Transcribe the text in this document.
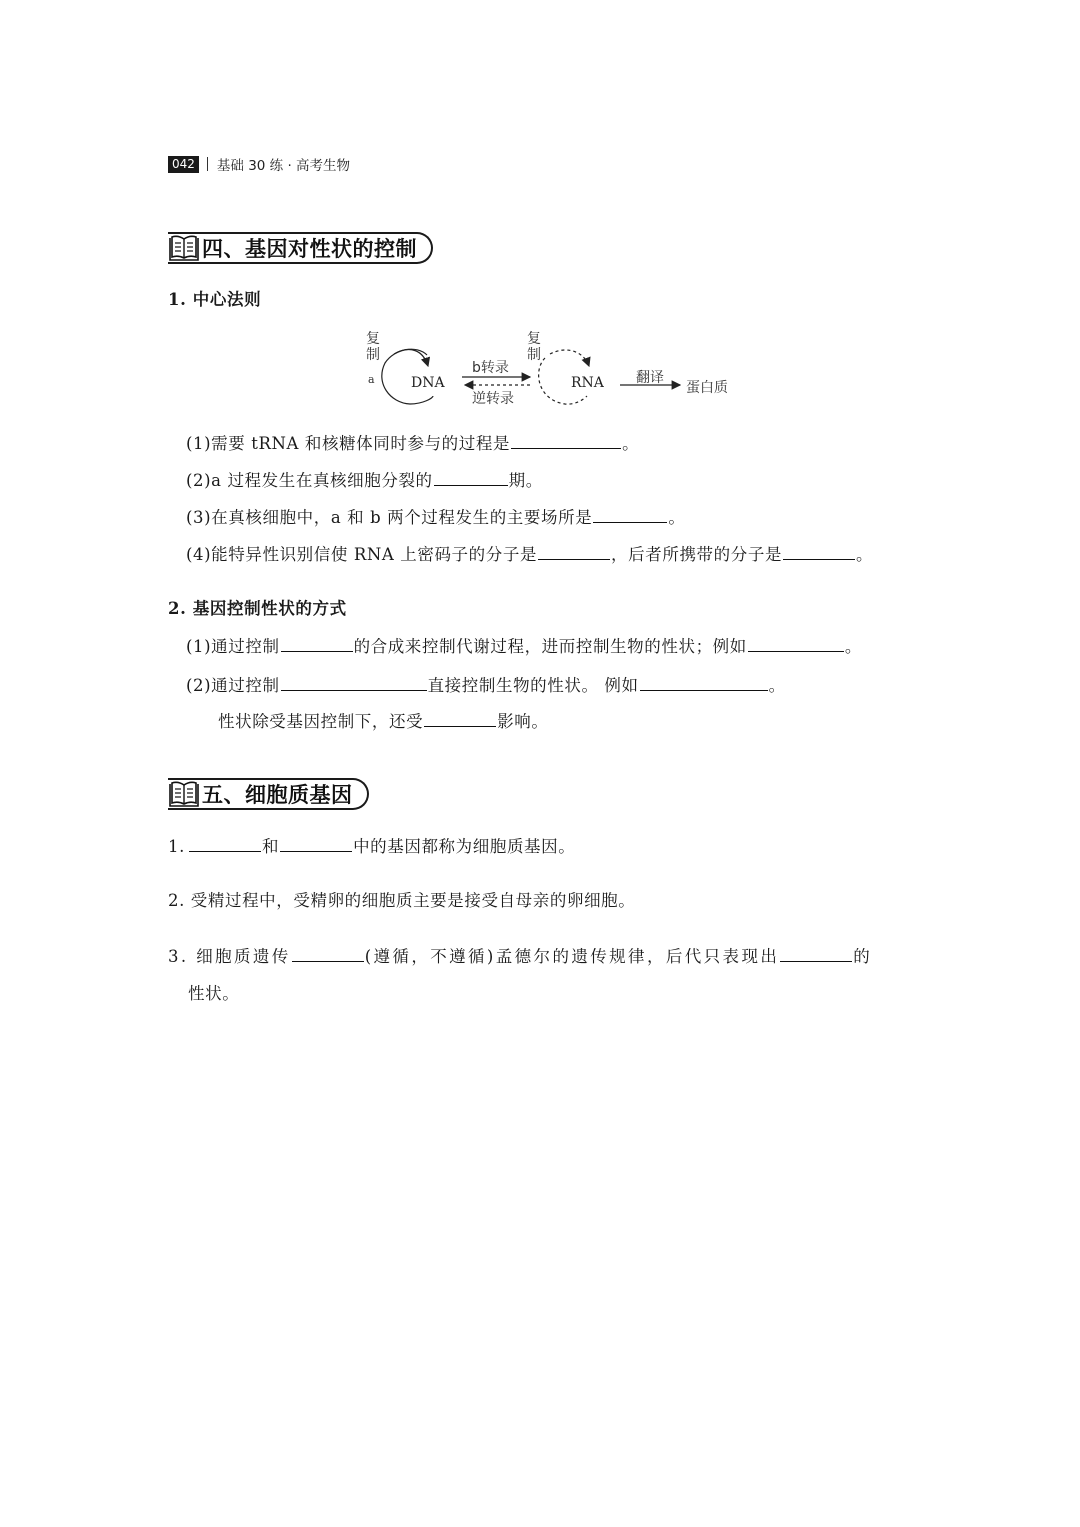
042 基础 30 练 · 高考生物
四、基因对性状的控制
1. 中心法则
复
制
a	DNA
b转录
逆转录
复
制
RNA 翻译
蛋白质
(1)需要 tRNA 和核糖体同时参与的过程是	。
(2)a 过程发生在真核细胞分裂的	期。
(3)在真核细胞中，a 和 b 两个过程发生的主要场所是	。
(4)能特异性识别信使 RNA 上密码子的分子是	，后者所携带的分子是	。
2. 基因控制性状的方式
(1)通过控制	的合成来控制代谢过程，进而控制生物的性状；例如	。
(2)通过控制	直接控制生物的性状。 例如	。
性状除受基因控制下，还受	影响。
五、细胞质基因
1.	和	中的基因都称为细胞质基因。
2. 受精过程中，受精卵的细胞质主要是接受自母亲的卵细胞。
3. 细胞质遗传	(遵循，不遵循)孟德尔的遗传规律，后代只表现出	的
性状。
